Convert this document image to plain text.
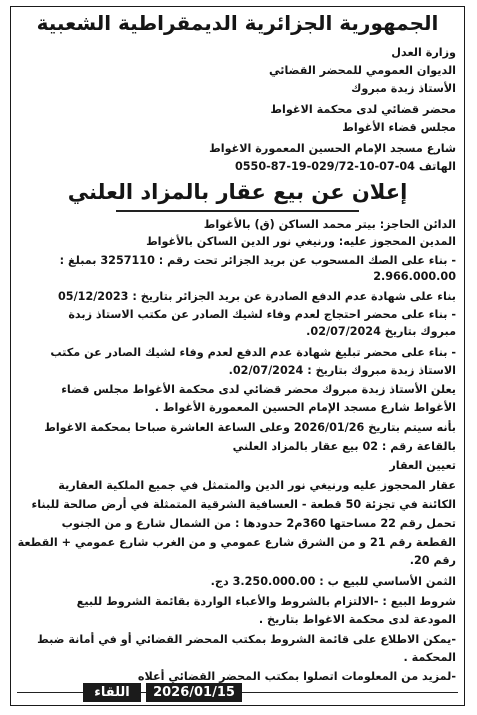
الجمهورية الجزائرية الديمقراطية الشعبية
وزارة العدل
الديوان العمومي للمحضر القضائي
الأستاذ زبدة مبروك
محضر قضائي لدى محكمة الاغواط
مجلس قضاء الأغواط
شارع مسجد الإمام الحسين المعمورة الاغواط
الهاتف 04-07-10-029/72-19-87-0550
إعلان عن بيع عقار بالمزاد العلني
الدائن الحاجز: بيتر محمد الساكن (ق) بالأغواط
المدين المحجوز عليه: ورنيغي نور الدين الساكن بالأغواط
- بناء على الصك المسحوب عن بريد الجزائر تحت رقم : 3257110 بمبلغ :
2.966.000.00
بناء على شهادة عدم الدفع الصادرة عن بريد الجزائر بتاريخ : 05/12/2023
- بناء على محضر احتجاج لعدم وفاء لشيك الصادر عن مكتب الاستاذ زبدة
مبروك بتاريخ 02/07/2024.
- بناء على محضر تبليغ شهادة عدم الدفع لعدم وفاء لشيك الصادر عن مكتب
الاستاذ زبدة مبروك بتاريخ : 02/07/2024.
يعلن الأستاذ زبدة مبروك محضر قضائي لدى محكمة الأغواط مجلس قضاء
الأغواط شارع مسجد الإمام الحسين المعمورة الأغواط .
بأنه سيتم بتاريخ 2026/01/26 وعلى الساعة العاشرة صباحا بمحكمة الاغواط
بالقاعة رقم : 02 بيع عقار بالمزاد العلني
تعيين العقار
عقار المحجوز عليه ورنيغي نور الدين والمتمثل في جميع الملكية العقارية
الكائنة في تجزئة 50 قطعة - العسافية الشرقية المتمثلة في أرض صالحة للبناء
تحمل رقم 22 مساحتها 360م2 حدودها : من الشمال شارع و من الجنوب
القطعة رقم 21 و من الشرق شارع عمومي و من الغرب شارع عمومي + القطعة
رقم 20.
الثمن الأساسي للبيع ب : 3.250.000.00 دج.
شروط البيع : -الالتزام بالشروط والأعباء الواردة بقائمة الشروط للبيع
المودعة لدى محكمة الاغواط بتاريخ .
-يمكن الاطلاع على قائمة الشروط بمكتب المحضر القضائي أو في أمانة ضبط
المحكمة .
-لمزيد من المعلومات اتصلوا بمكتب المحضر القضائي أعلاه
2026/01/15
اللقاء
